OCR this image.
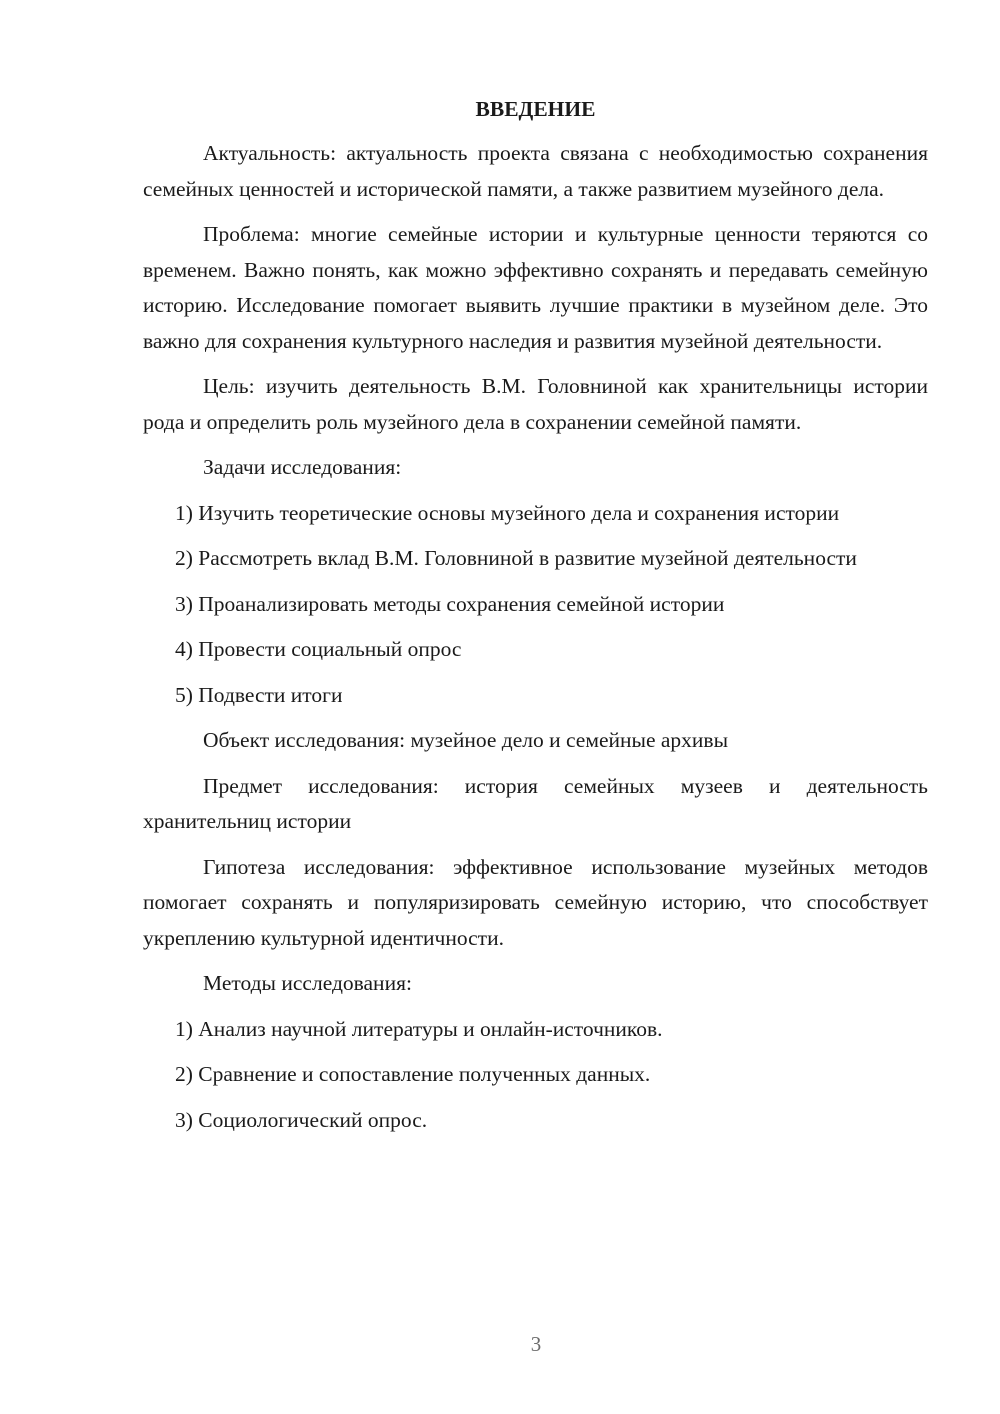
ВВЕДЕНИЕ

Актуальность: актуальность проекта связана с необходимостью сохранения семейных ценностей и исторической памяти, а также развитием музейного дела.

Проблема: многие семейные истории и культурные ценности теряются со временем. Важно понять, как можно эффективно сохранять и передавать семейную историю. Исследование помогает выявить лучшие практики в музейном деле. Это важно для сохранения культурного наследия и развития музейной деятельности.

Цель: изучить деятельность В.М. Головниной как хранительницы истории рода и определить роль музейного дела в сохранении семейной памяти.

Задачи исследования:

1) Изучить теоретические основы музейного дела и сохранения истории

2) Рассмотреть вклад В.М. Головниной в развитие музейной деятельности

3) Проанализировать методы сохранения семейной истории

4) Провести социальный опрос

5) Подвести итоги

Объект исследования: музейное дело и семейные архивы

Предмет исследования: история семейных музеев и деятельность хранительниц истории

Гипотеза исследования: эффективное использование музейных методов помогает сохранять и популяризировать семейную историю, что способствует укреплению культурной идентичности.

Методы исследования:

1) Анализ научной литературы и онлайн-источников.

2) Сравнение и сопоставление полученных данных.

3) Социологический опрос.

3
